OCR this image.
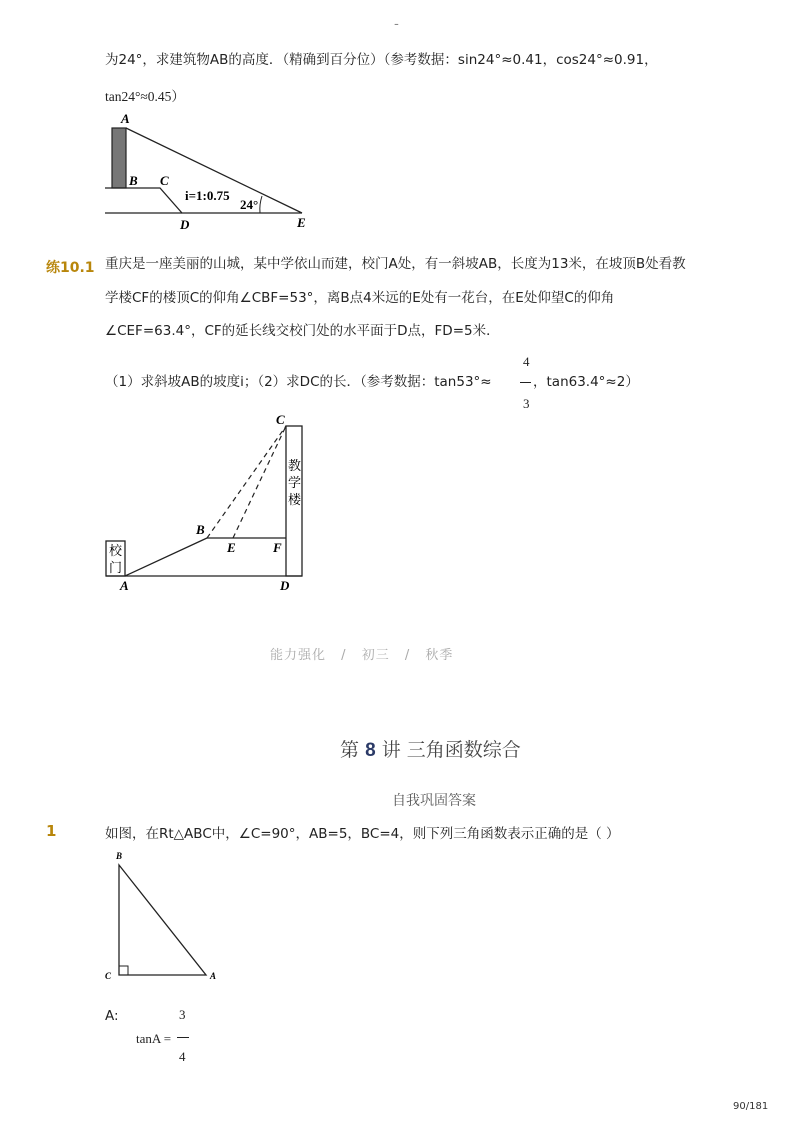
-
为24°，求建筑物AB的高度．（精确到百分位）（参考数据：sin24°≈0.41，cos24°≈0.91，
tan24°≈0.45）
A
B C
D	E
i=1:0.75
24°
练10.1 重庆是一座美丽的山城，某中学依山而建，校门A处，有一斜坡AB，长度为13米，在坡顶B处看教
学楼CF的楼顶C的仰角∠CBF=53°，离B点4米远的E处有一花台，在E处仰望C的仰角
∠CEF=63.4°，CF的延长线交校门处的水平面于D点，FD=5米．
（1）求斜坡AB的坡度i；（2）求DC的长．（参考数据：tan53°≈
4
3
，tan63.4°≈2）
C
B
E	F
A	D
校
门
教
学
楼
能力强化 / 初三 / 秋季
第 8 讲 三角函数综合
自我巩固答案
1	如图，在Rt△ABC中，∠C=90°，AB=5，BC=4，则下列三角函数表示正确的是（ ）
B
C	A
A:	3
tanA =
4
90/181
